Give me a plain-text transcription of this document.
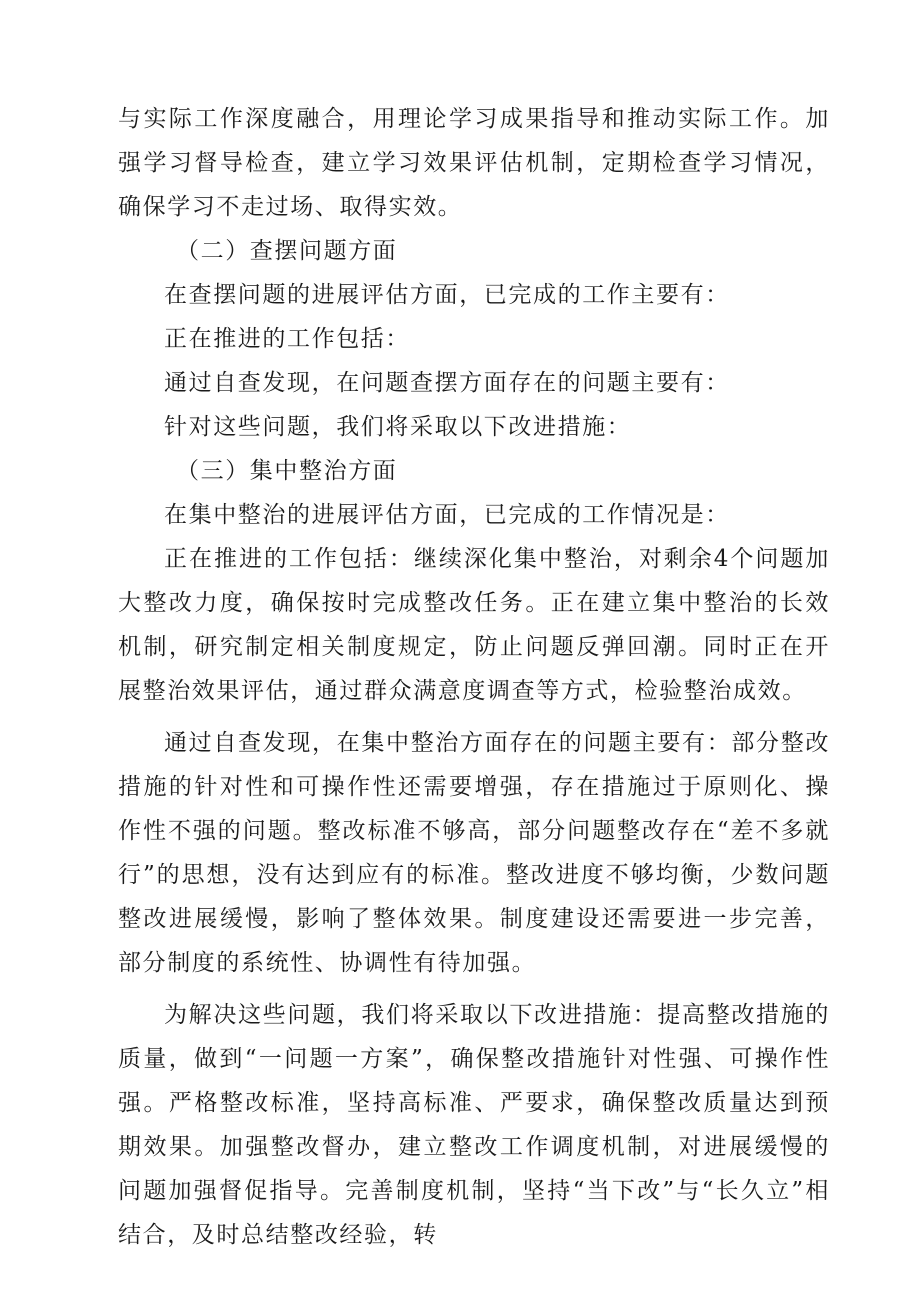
与实际工作深度融合，用理论学习成果指导和推动实际工作。加强学习督导检查，建立学习效果评估机制，定期检查学习情况，确保学习不走过场、取得实效。

（二）查摆问题方面

在查摆问题的进展评估方面，已完成的工作主要有：

正在推进的工作包括：

通过自查发现，在问题查摆方面存在的问题主要有：

针对这些问题，我们将采取以下改进措施：

（三）集中整治方面

在集中整治的进展评估方面，已完成的工作情况是：

正在推进的工作包括：继续深化集中整治，对剩余4个问题加大整改力度，确保按时完成整改任务。正在建立集中整治的长效机制，研究制定相关制度规定，防止问题反弹回潮。同时正在开展整治效果评估，通过群众满意度调查等方式，检验整治成效。

通过自查发现，在集中整治方面存在的问题主要有：部分整改措施的针对性和可操作性还需要增强，存在措施过于原则化、操作性不强的问题。整改标准不够高，部分问题整改存在“差不多就行”的思想，没有达到应有的标准。整改进度不够均衡，少数问题整改进展缓慢，影响了整体效果。制度建设还需要进一步完善，部分制度的系统性、协调性有待加强。

为解决这些问题，我们将采取以下改进措施：提高整改措施的质量，做到“一问题一方案”，确保整改措施针对性强、可操作性强。严格整改标准，坚持高标准、严要求，确保整改质量达到预期效果。加强整改督办，建立整改工作调度机制，对进展缓慢的问题加强督促指导。完善制度机制，坚持“当下改”与“长久立”相结合，及时总结整改经验，转
